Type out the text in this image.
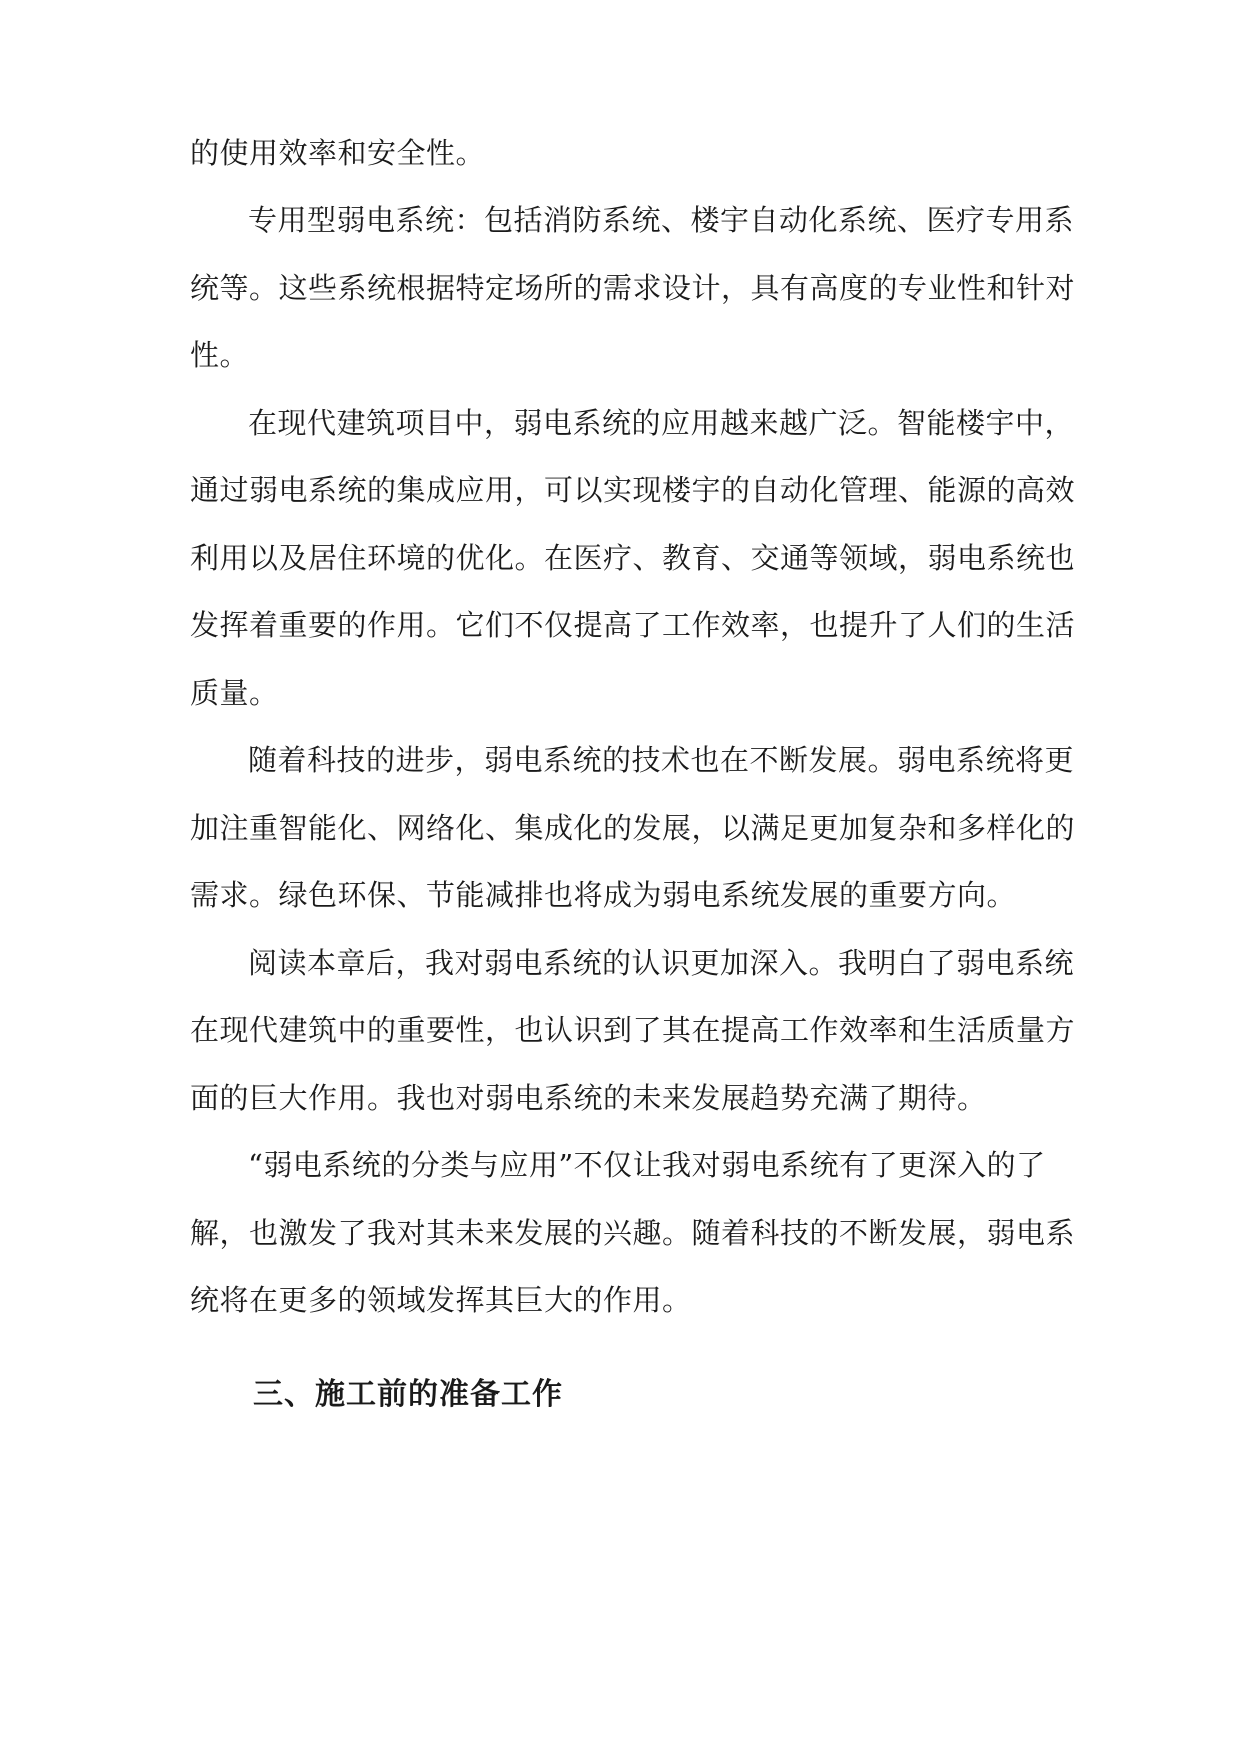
的使用效率和安全性。
专用型弱电系统：包括消防系统、楼宇自动化系统、医疗专用系
统等。这些系统根据特定场所的需求设计，具有高度的专业性和针对
性。
在现代建筑项目中，弱电系统的应用越来越广泛。智能楼宇中，
通过弱电系统的集成应用，可以实现楼宇的自动化管理、能源的高效
利用以及居住环境的优化。在医疗、教育、交通等领域，弱电系统也
发挥着重要的作用。它们不仅提高了工作效率，也提升了人们的生活
质量。
随着科技的进步，弱电系统的技术也在不断发展。弱电系统将更
加注重智能化、网络化、集成化的发展，以满足更加复杂和多样化的
需求。绿色环保、节能减排也将成为弱电系统发展的重要方向。
阅读本章后，我对弱电系统的认识更加深入。我明白了弱电系统
在现代建筑中的重要性，也认识到了其在提高工作效率和生活质量方
面的巨大作用。我也对弱电系统的未来发展趋势充满了期待。
“弱电系统的分类与应用”不仅让我对弱电系统有了更深入的了
解，也激发了我对其未来发展的兴趣。随着科技的不断发展，弱电系
统将在更多的领域发挥其巨大的作用。
三、施工前的准备工作
